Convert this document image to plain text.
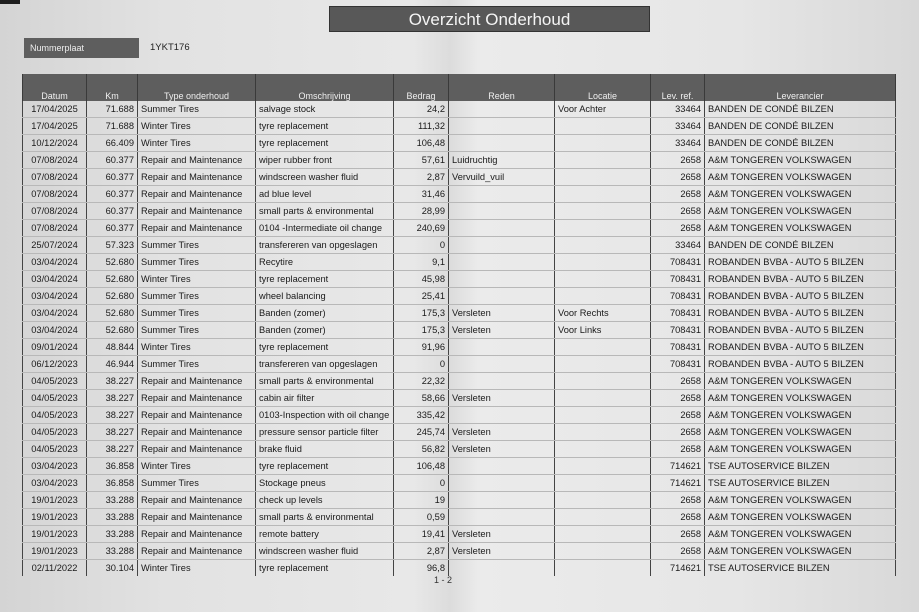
Overzicht Onderhoud
Nummerplaat	1YKT176
Datum	Km	Type onderhoud	Omschrijving	Bedrag	Reden	Locatie	Lev. ref.	Leverancier
17/04/2025	71.688	Summer Tires	salvage stock	24,2		Voor Achter	33464	BANDEN DE CONDÉ BILZEN
17/04/2025	71.688	Winter Tires	tyre replacement	111,32			33464	BANDEN DE CONDÉ BILZEN
10/12/2024	66.409	Winter Tires	tyre replacement	106,48			33464	BANDEN DE CONDÉ BILZEN
07/08/2024	60.377	Repair and Maintenance	wiper rubber front	57,61	Luidruchtig		2658	A&M TONGEREN VOLKSWAGEN
07/08/2024	60.377	Repair and Maintenance	windscreen washer fluid	2,87	Vervuild_vuil		2658	A&M TONGEREN VOLKSWAGEN
07/08/2024	60.377	Repair and Maintenance	ad blue level	31,46			2658	A&M TONGEREN VOLKSWAGEN
07/08/2024	60.377	Repair and Maintenance	small parts & environmental	28,99			2658	A&M TONGEREN VOLKSWAGEN
07/08/2024	60.377	Repair and Maintenance	0104 -Intermediate oil change	240,69			2658	A&M TONGEREN VOLKSWAGEN
25/07/2024	57.323	Summer Tires	transfereren van opgeslagen	0			33464	BANDEN DE CONDÉ BILZEN
03/04/2024	52.680	Summer Tires	Recytire	9,1			708431	ROBANDEN BVBA - AUTO 5 BILZEN
03/04/2024	52.680	Winter Tires	tyre replacement	45,98			708431	ROBANDEN BVBA - AUTO 5 BILZEN
03/04/2024	52.680	Summer Tires	wheel balancing	25,41			708431	ROBANDEN BVBA - AUTO 5 BILZEN
03/04/2024	52.680	Summer Tires	Banden (zomer)	175,3	Versleten	Voor Rechts	708431	ROBANDEN BVBA - AUTO 5 BILZEN
03/04/2024	52.680	Summer Tires	Banden (zomer)	175,3	Versleten	Voor Links	708431	ROBANDEN BVBA - AUTO 5 BILZEN
09/01/2024	48.844	Winter Tires	tyre replacement	91,96			708431	ROBANDEN BVBA - AUTO 5 BILZEN
06/12/2023	46.944	Summer Tires	transfereren van opgeslagen	0			708431	ROBANDEN BVBA - AUTO 5 BILZEN
04/05/2023	38.227	Repair and Maintenance	small parts & environmental	22,32			2658	A&M TONGEREN VOLKSWAGEN
04/05/2023	38.227	Repair and Maintenance	cabin air filter	58,66	Versleten		2658	A&M TONGEREN VOLKSWAGEN
04/05/2023	38.227	Repair and Maintenance	0103-Inspection with oil change	335,42			2658	A&M TONGEREN VOLKSWAGEN
04/05/2023	38.227	Repair and Maintenance	pressure sensor particle filter	245,74	Versleten		2658	A&M TONGEREN VOLKSWAGEN
04/05/2023	38.227	Repair and Maintenance	brake fluid	56,82	Versleten		2658	A&M TONGEREN VOLKSWAGEN
03/04/2023	36.858	Winter Tires	tyre replacement	106,48			714621	TSE AUTOSERVICE BILZEN
03/04/2023	36.858	Summer Tires	Stockage pneus	0			714621	TSE AUTOSERVICE BILZEN
19/01/2023	33.288	Repair and Maintenance	check up levels	19			2658	A&M TONGEREN VOLKSWAGEN
19/01/2023	33.288	Repair and Maintenance	small parts & environmental	0,59			2658	A&M TONGEREN VOLKSWAGEN
19/01/2023	33.288	Repair and Maintenance	remote battery	19,41	Versleten		2658	A&M TONGEREN VOLKSWAGEN
19/01/2023	33.288	Repair and Maintenance	windscreen washer fluid	2,87	Versleten		2658	A&M TONGEREN VOLKSWAGEN
02/11/2022	30.104	Winter Tires	tyre replacement	96,8			714621	TSE AUTOSERVICE BILZEN
1 - 2
